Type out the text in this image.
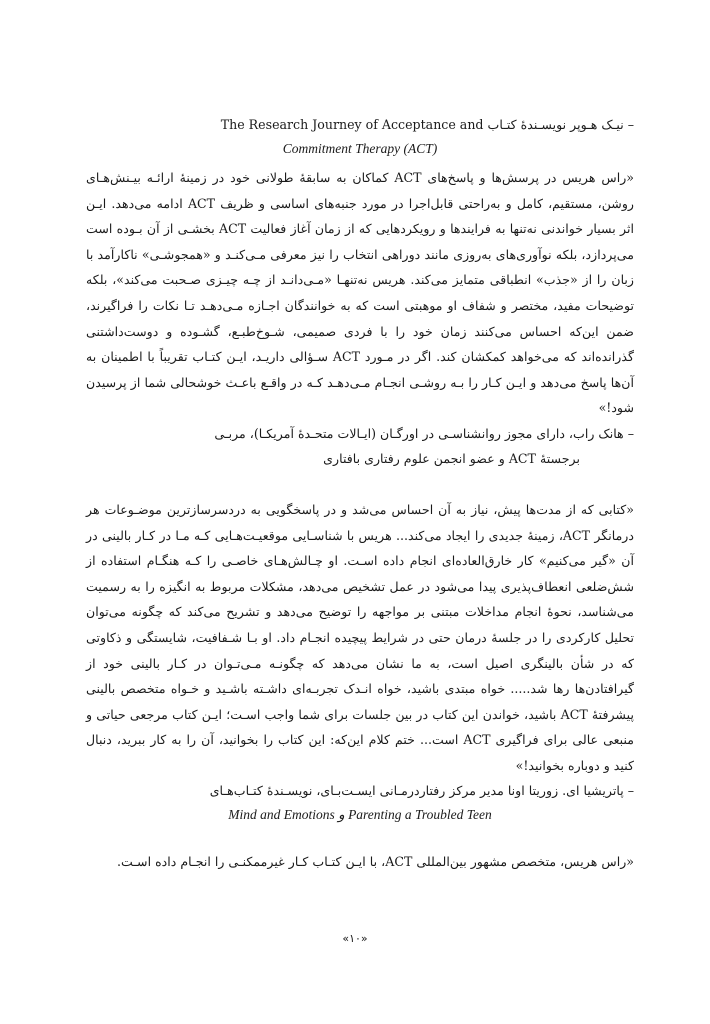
– نیـک هـوپر نویسـندۀ کتـاب The Research Journey of Acceptance and

Commitment Therapy (ACT)

«راس هریس در پرسش‌ها و پاسخ‌های ACT کماکان به سابقۀ طولانی خود در زمینۀ ارائـه بیـنش‌هـای روشن، مستقیم، کامل و به‌راحتی قابل‌اجرا در مورد جنبه‌های اساسی و ظریف ACT ادامه می‌دهد. ایـن اثر بسیار خواندنی نه‌تنها به فرایندها و رویکردهایی که از زمان آغاز فعالیت ACT بخشـی از آن بـوده است می‌پردازد، بلکه نوآوری‌های به‌روزی مانند دوراهی انتخاب را نیز معرفی مـی‌کنـد و «همجوشـی» ناکارآمد با زبان را از «جذب» انطباقی متمایز می‌کند. هریس نه‌تنهـا «مـی‌دانـد از چـه چیـزی صـحبت می‌کند»، بلکه توضیحات مفید، مختصر و شفاف او موهبتی است که به خوانندگان اجـازه مـی‌دهـد تـا نکات را فراگیرند، ضمن این‌که احساس می‌کنند زمان خود را با فردی صمیمی، شـوخ‌طبـع، گشـوده و دوست‌داشتنی گذرانده‌اند که می‌خواهد کمکشان کند. اگر در مـورد ACT سـؤالی داریـد، ایـن کتـاب تقریباً با اطمینان به آن‌ها پاسخ می‌دهد و ایـن کـار را بـه روشـی انجـام مـی‌دهـد کـه در واقـع باعـث خوشحالی شما از پرسیدن شود!»

– هانک راب، دارای مجوز روانشناسـی در اورگـان (ایـالات متحـدۀ آمریکـا)، مربـی

برجستۀ ACT و عضو انجمن علوم رفتاری بافتاری

«کتابی که از مدت‌ها پیش، نیاز به آن احساس می‌شد و در پاسخگویی به دردسرسازترین موضـوعات هر درمانگر ACT، زمینۀ جدیدی را ایجاد می‌کند... هریس با شناسـایی موقعیـت‌هـایی کـه مـا در کـار بالینی در آن «گیر می‌کنیم» کار خارق‌العاده‌ای انجام داده اسـت. او چـالش‌هـای خاصـی را کـه هنگـام استفاده از شش‌ضلعی انعطاف‌پذیری پیدا می‌شود در عمل تشخیص می‌دهد، مشکلات مربوط به انگیزه را به رسمیت می‌شناسد، نحوۀ انجام مداخلات مبتنی بر مواجهه را توضیح می‌دهد و تشریح می‌کند که چگونه می‌توان تحلیل کارکردی را در جلسۀ درمان حتی در شرایط پیچیده انجـام داد. او بـا شـفافیت، شایستگی و ذکاوتی که در شأن بالینگری اصیل است، به ما نشان می‌دهد که چگونـه مـی‌تـوان در کـار بالینی خود از گیرافتادن‌ها رها شد..... خواه مبتدی باشید، خواه انـدک تجربـه‌ای داشـته باشـید و خـواه متخصص بالینی پیشرفتۀ ACT باشید، خواندن این کتاب در بین جلسات برای شما واجب اسـت؛ ایـن کتاب مرجعی حیاتی و منبعی عالی برای فراگیری ACT است... ختم کلام این‌که: این کتاب را بخوانید، آن را به کار ببرید، دنبال کنید و دوباره بخوانید!»

– پاتریشیا ای. زوریتا اونا مدیر مرکز رفتاردرمـانی ایسـت‌بـای، نویسـندۀ کتـاب‌هـای

Mind and Emotions و Parenting a Troubled Teen

«راس هریس، متخصص مشهور بین‌المللی ACT، با ایـن کتـاب کـار غیرممکنـی را انجـام داده اسـت.

«۱۰»
